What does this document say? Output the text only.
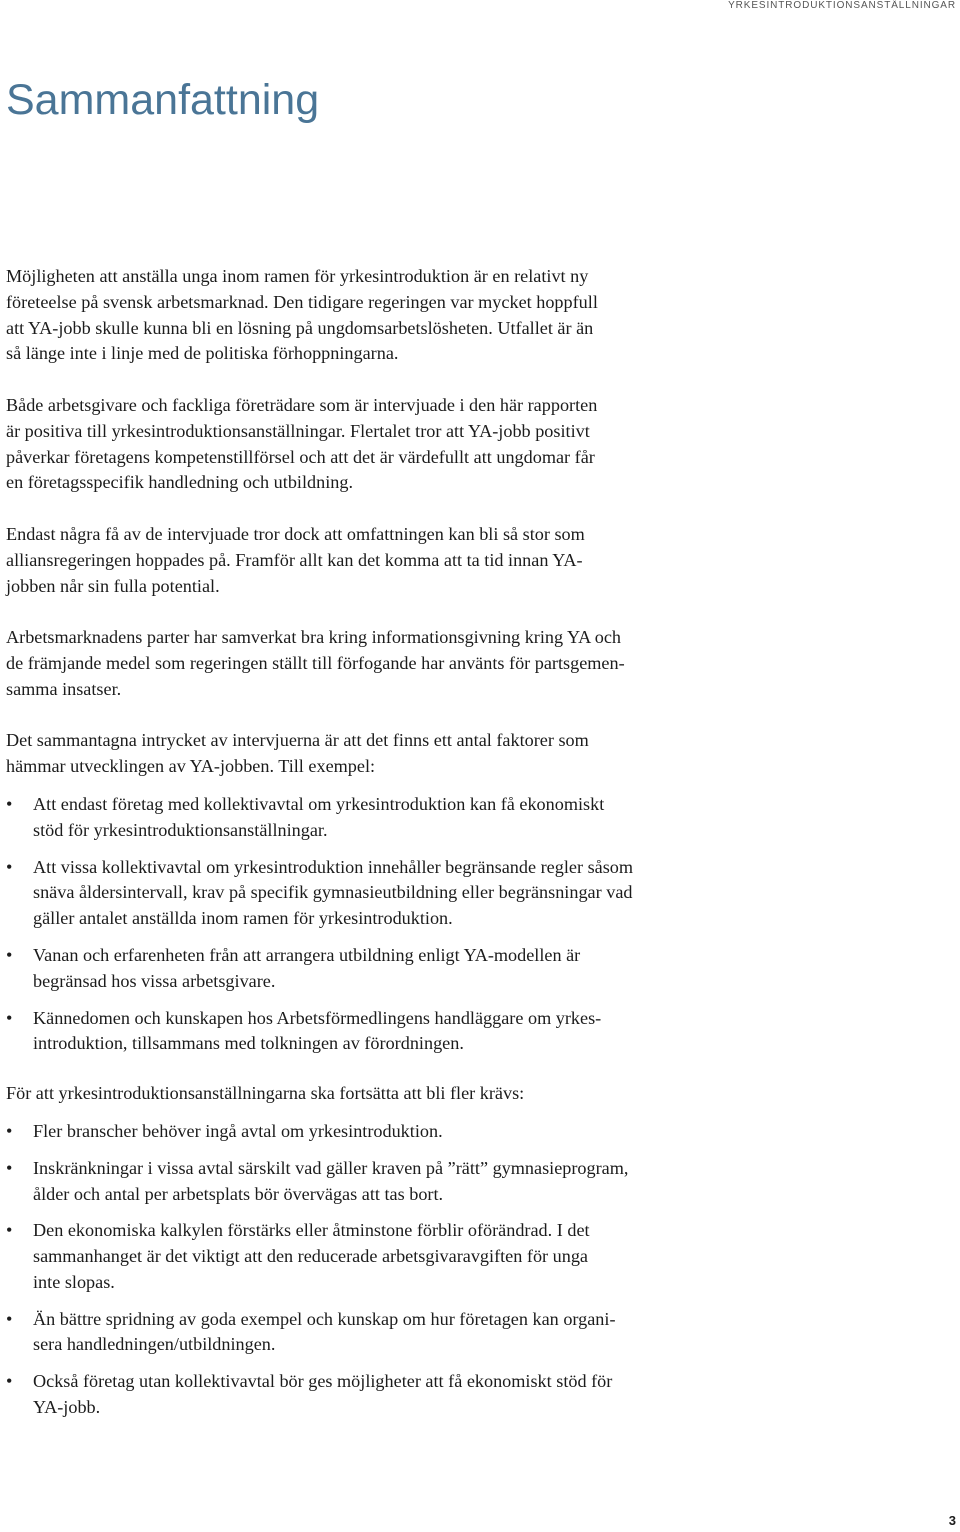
YRKESINTRODUKTIONSANSTÄLLNINGAR
Sammanfattning

Möjligheten att anställa unga inom ramen för yrkesintroduktion är en relativt ny
företeelse på svensk arbetsmarknad. Den tidigare regeringen var mycket hoppfull
att YA-jobb skulle kunna bli en lösning på ungdomsarbetslösheten. Utfallet är än
så länge inte i linje med de politiska förhoppningarna.

Både arbetsgivare och fackliga företrädare som är intervjuade i den här rapporten
är positiva till yrkesintroduktionsanställningar. Flertalet tror att YA-jobb positivt
påverkar företagens kompetenstillförsel och att det är värdefullt att ungdomar får
en företagsspecifik handledning och utbildning.

Endast några få av de intervjuade tror dock att omfattningen kan bli så stor som
alliansregeringen hoppades på. Framför allt kan det komma att ta tid innan YA-
jobben når sin fulla potential.

Arbetsmarknadens parter har samverkat bra kring informationsgivning kring YA och
de främjande medel som regeringen ställt till förfogande har använts för partsgemen-
samma insatser.

Det sammantagna intrycket av intervjuerna är att det finns ett antal faktorer som
hämmar utvecklingen av YA-jobben. Till exempel:

• Att endast företag med kollektivavtal om yrkesintroduktion kan få ekonomiskt
stöd för yrkesintroduktionsanställningar.
• Att vissa kollektivavtal om yrkesintroduktion innehåller begränsande regler såsom
snäva åldersintervall, krav på specifik gymnasieutbildning eller begränsningar vad
gäller antalet anställda inom ramen för yrkesintroduktion.
• Vanan och erfarenheten från att arrangera utbildning enligt YA-modellen är
begränsad hos vissa arbetsgivare.
• Kännedomen och kunskapen hos Arbetsförmedlingens handläggare om yrkes-
introduktion, tillsammans med tolkningen av förordningen.

För att yrkesintroduktionsanställningarna ska fortsätta att bli fler krävs:

• Fler branscher behöver ingå avtal om yrkesintroduktion.
• Inskränkningar i vissa avtal särskilt vad gäller kraven på ”rätt” gymnasieprogram,
ålder och antal per arbetsplats bör övervägas att tas bort.
• Den ekonomiska kalkylen förstärks eller åtminstone förblir oförändrad. I det
sammanhanget är det viktigt att den reducerade arbetsgivaravgiften för unga
inte slopas.
• Än bättre spridning av goda exempel och kunskap om hur företagen kan organi-
sera handledningen/utbildningen.
• Också företag utan kollektivavtal bör ges möjligheter att få ekonomiskt stöd för
YA-jobb.
3
